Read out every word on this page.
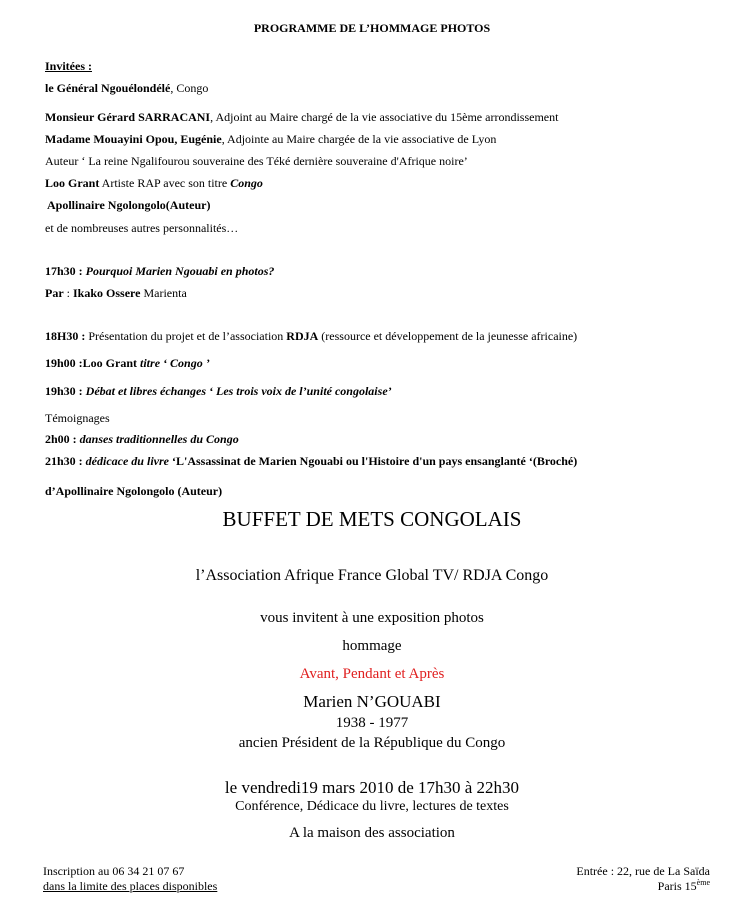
PROGRAMME DE L’HOMMAGE PHOTOS
Invitées :
le Général Ngouélondélé, Congo
Monsieur Gérard SARRACANI, Adjoint au Maire chargé de la vie associative du 15ème arrondissement
Madame Mouayini Opou, Eugénie, Adjointe au Maire chargée de la vie associative de Lyon
Auteur ‘ La reine Ngalifourou souveraine des Téké dernière souveraine d'Afrique noire’
Loo Grant Artiste RAP avec son titre Congo
Apollinaire Ngolongolo(Auteur)
et de nombreuses autres personnalités…
17h30 : Pourquoi Marien Ngouabi en photos?
Par : Ikako Ossere Marienta
18H30 : Présentation du projet et de l’association RDJA (ressource et développement de la jeunesse africaine)
19h00 :Loo Grant titre ‘ Congo ’
19h30 : Débat et libres échanges ‘ Les trois voix de l’unité congolaise’
Témoignages
2h00 : danses traditionnelles du Congo
21h30 : dédicace du livre ‘L'Assassinat de Marien Ngouabi ou l'Histoire d'un pays ensanglanté ‘(Broché)
d’Apollinaire Ngolongolo (Auteur)
BUFFET DE METS CONGOLAIS
l’Association Afrique France Global TV/ RDJA Congo
vous invitent à une exposition photos
hommage
Avant, Pendant et Après
Marien N’GOUABI
1938 - 1977
ancien Président de la République du Congo
le vendredi19 mars 2010 de 17h30 à 22h30
Conférence, Dédicace du livre, lectures de textes
A la maison des association
Inscription au 06 34 21 07 67
dans la limite des places disponibles
Entrée : 22, rue de La Saïda
Paris 15ème
